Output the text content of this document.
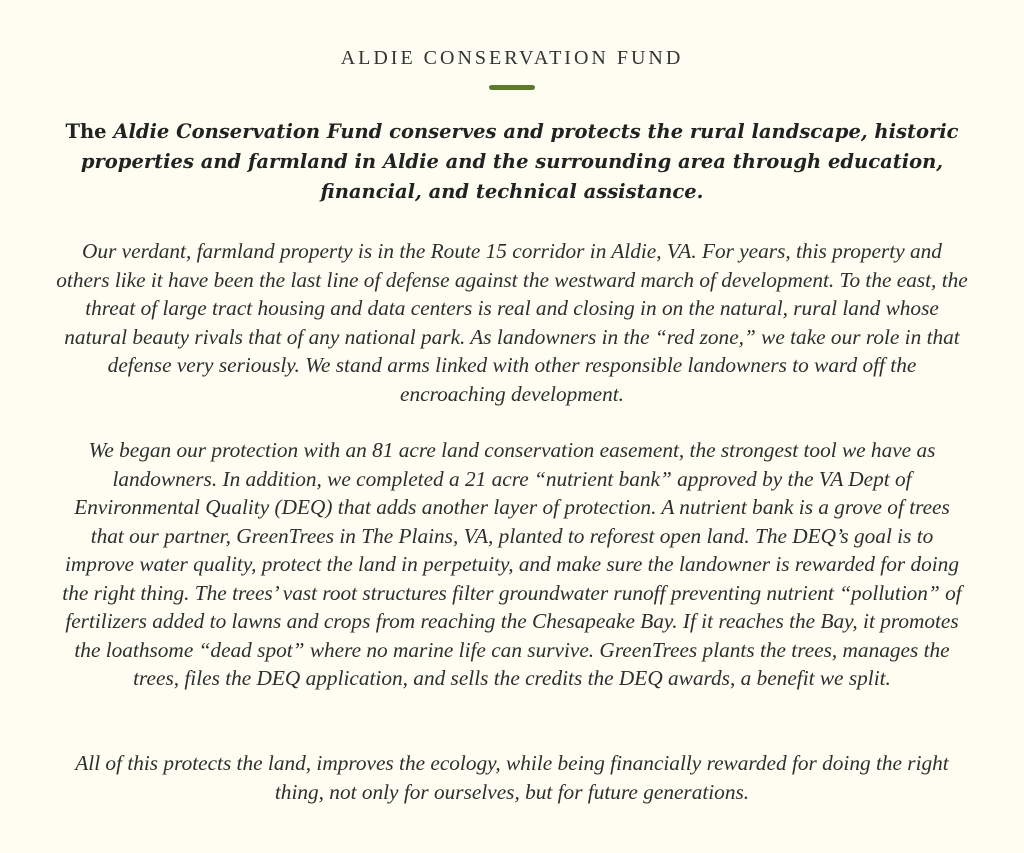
ALDIE CONSERVATION FUND

The Aldie Conservation Fund conserves and protects the rural landscape, historic properties and farmland in Aldie and the surrounding area through education, financial, and technical assistance.

Our verdant, farmland property is in the Route 15 corridor in Aldie, VA. For years, this property and others like it have been the last line of defense against the westward march of development. To the east, the threat of large tract housing and data centers is real and closing in on the natural, rural land whose natural beauty rivals that of any national park. As landowners in the “red zone,” we take our role in that defense very seriously. We stand arms linked with other responsible landowners to ward off the encroaching development.

We began our protection with an 81 acre land conservation easement, the strongest tool we have as landowners. In addition, we completed a 21 acre “nutrient bank” approved by the VA Dept of Environmental Quality (DEQ) that adds another layer of protection. A nutrient bank is a grove of trees that our partner, GreenTrees in The Plains, VA, planted to reforest open land. The DEQ’s goal is to improve water quality, protect the land in perpetuity, and make sure the landowner is rewarded for doing the right thing. The trees’ vast root structures filter groundwater runoff preventing nutrient “pollution” of fertilizers added to lawns and crops from reaching the Chesapeake Bay. If it reaches the Bay, it promotes the loathsome “dead spot” where no marine life can survive. GreenTrees plants the trees, manages the trees, files the DEQ application, and sells the credits the DEQ awards, a benefit we split.

All of this protects the land, improves the ecology, while being financially rewarded for doing the right thing, not only for ourselves, but for future generations.
